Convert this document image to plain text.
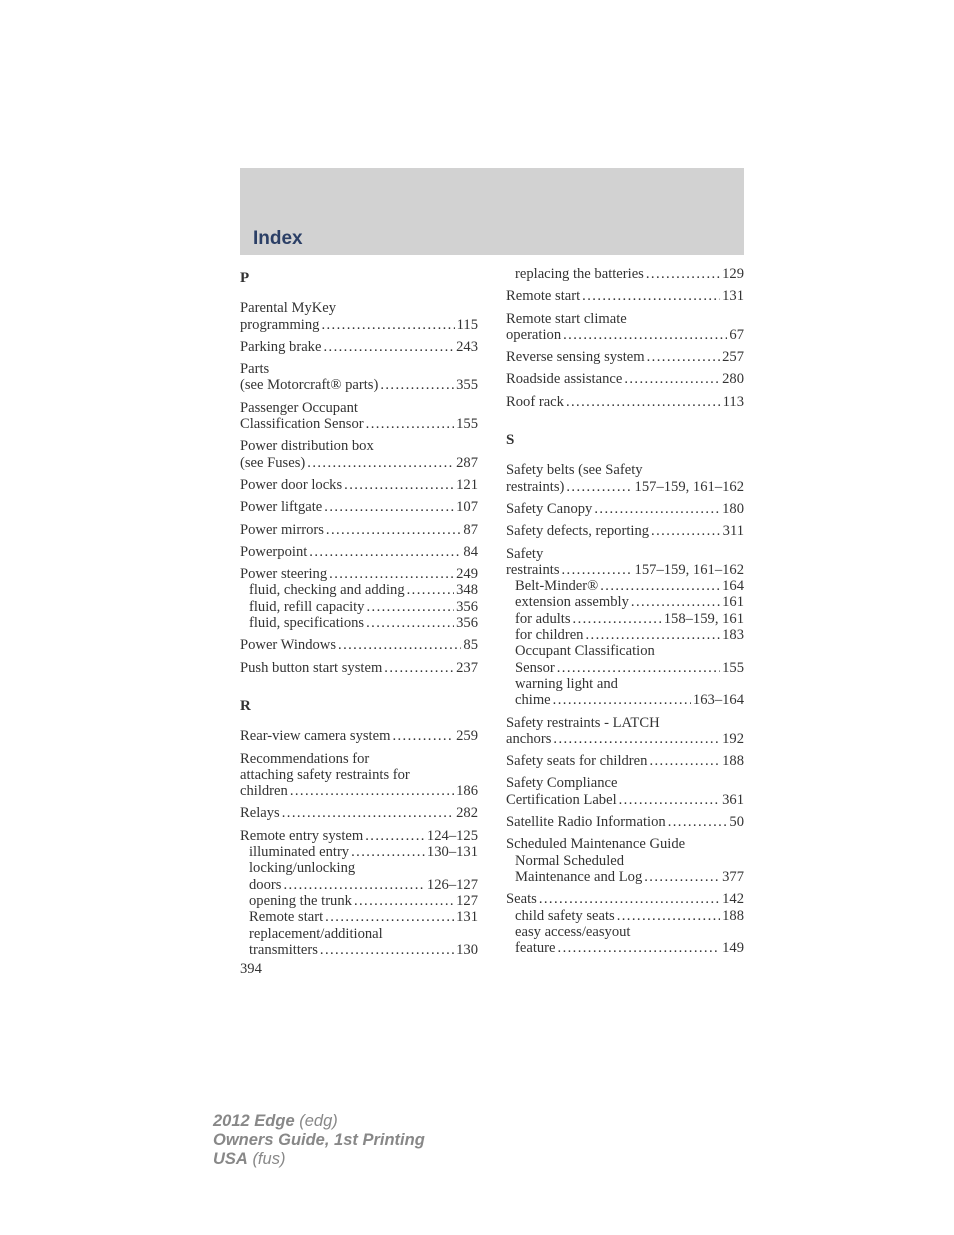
Index
P
Parental MyKey
programming .....	115
Parking brake .....	243
Parts
(see Motorcraft® parts) .....	355
Passenger Occupant
Classification Sensor .....	155
Power distribution box
(see Fuses) .....	287
Power door locks .....	121
Power liftgate .....	107
Power mirrors .....	87
Powerpoint .....	84
Power steering .....	249
fluid, checking and adding .....	348
fluid, refill capacity .....	356
fluid, specifications .....	356
Power Windows .....	85
Push button start system .....	237
R
Rear-view camera system .....	259
Recommendations for
attaching safety restraints for
children .....	186
Relays .....	282
Remote entry system .....	124–125
illuminated entry .....	130–131
locking/unlocking
doors .....	126–127
opening the trunk .....	127
Remote start .....	131
replacement/additional
transmitters .....	130
394
replacing the batteries .....	129
Remote start .....	131
Remote start climate
operation .....	67
Reverse sensing system .....	257
Roadside assistance .....	280
Roof rack .....	113
S
Safety belts (see Safety
restraints) .....	157–159, 161–162
Safety Canopy .....	180
Safety defects, reporting .....	311
Safety
restraints .....	157–159, 161–162
Belt-Minder® .....	164
extension assembly .....	161
for adults .....	158–159, 161
for children .....	183
Occupant Classification
Sensor .....	155
warning light and
chime .....	163–164
Safety restraints - LATCH
anchors .....	192
Safety seats for children .....	188
Safety Compliance
Certification Label .....	361
Satellite Radio Information .....	50
Scheduled Maintenance Guide
Normal Scheduled
Maintenance and Log .....	377
Seats .....	142
child safety seats .....	188
easy access/easyout
feature .....	149
2012 Edge (edg)
Owners Guide, 1st Printing
USA (fus)
